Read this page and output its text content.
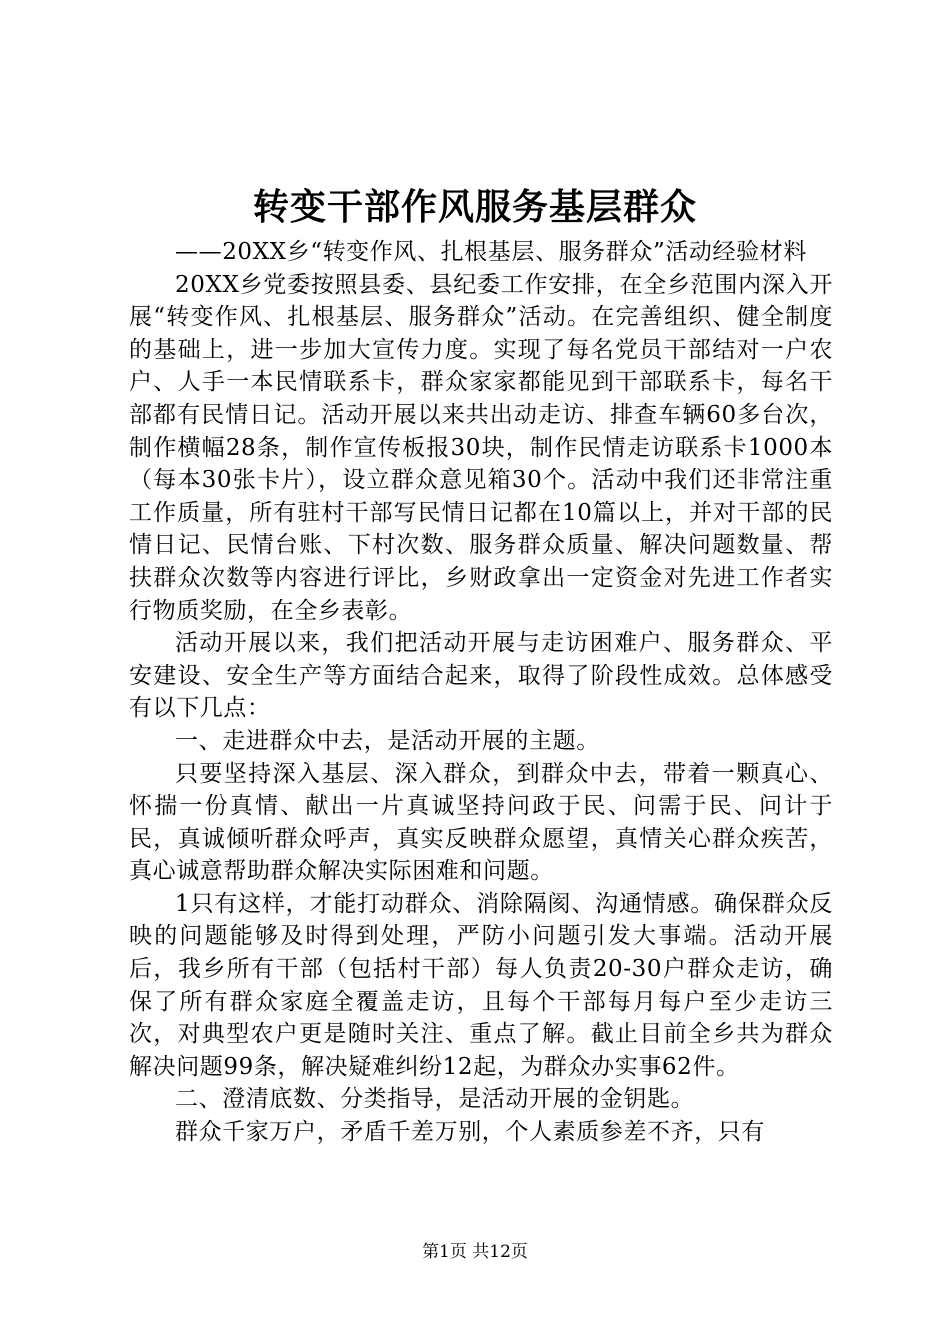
转变干部作风服务基层群众

——20XX乡“转变作风、扎根基层、服务群众”活动经验材料

20XX乡党委按照县委、县纪委工作安排，在全乡范围内深入开展“转变作风、扎根基层、服务群众”活动。在完善组织、健全制度的基础上，进一步加大宣传力度。实现了每名党员干部结对一户农户、人手一本民情联系卡，群众家家都能见到干部联系卡，每名干部都有民情日记。活动开展以来共出动走访、排查车辆60多台次，制作横幅28条，制作宣传板报30块，制作民情走访联系卡1000本（每本30张卡片），设立群众意见箱30个。活动中我们还非常注重工作质量，所有驻村干部写民情日记都在10篇以上，并对干部的民情日记、民情台账、下村次数、服务群众质量、解决问题数量、帮扶群众次数等内容进行评比，乡财政拿出一定资金对先进工作者实行物质奖励，在全乡表彰。

活动开展以来，我们把活动开展与走访困难户、服务群众、平安建设、安全生产等方面结合起来，取得了阶段性成效。总体感受有以下几点：

一、走进群众中去，是活动开展的主题。

只要坚持深入基层、深入群众，到群众中去，带着一颗真心、怀揣一份真情、献出一片真诚坚持问政于民、问需于民、问计于民，真诚倾听群众呼声，真实反映群众愿望，真情关心群众疾苦，真心诚意帮助群众解决实际困难和问题。

1只有这样，才能打动群众、消除隔阂、沟通情感。确保群众反映的问题能够及时得到处理，严防小问题引发大事端。活动开展后，我乡所有干部（包括村干部）每人负责20-30户群众走访，确保了所有群众家庭全覆盖走访，且每个干部每月每户至少走访三次，对典型农户更是随时关注、重点了解。截止目前全乡共为群众解决问题99条，解决疑难纠纷12起，为群众办实事62件。

二、澄清底数、分类指导，是活动开展的金钥匙。

群众千家万户，矛盾千差万别，个人素质参差不齐，只有

第1页 共12页
